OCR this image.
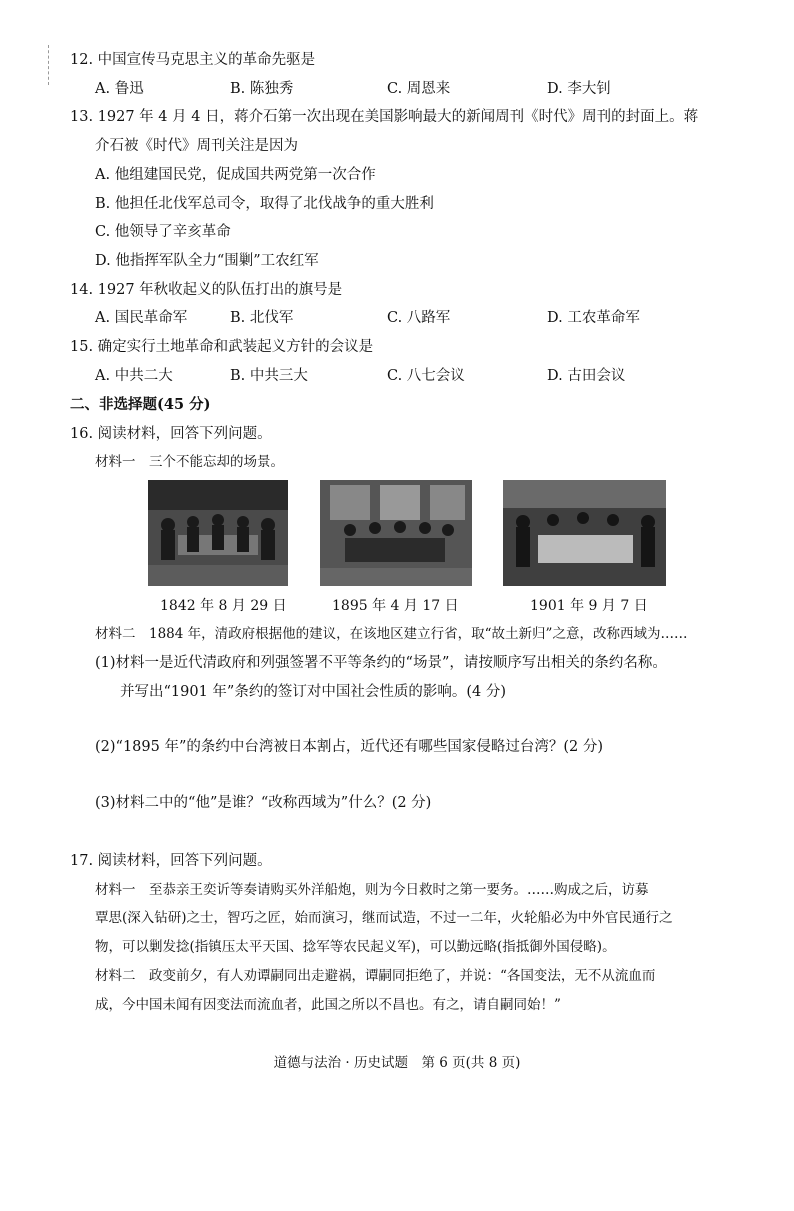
12. 中国宣传马克思主义的革命先驱是
A. 鲁迅	B. 陈独秀	C. 周恩来	D. 李大钊
13. 1927 年 4 月 4 日，蒋介石第一次出现在美国影响最大的新闻周刊《时代》周刊的封面上。蒋
介石被《时代》周刊关注是因为
A. 他组建国民党，促成国共两党第一次合作
B. 他担任北伐军总司令，取得了北伐战争的重大胜利
C. 他领导了辛亥革命
D. 他指挥军队全力“围剿”工农红军
14. 1927 年秋收起义的队伍打出的旗号是
A. 国民革命军	B. 北伐军	C. 八路军	D. 工农革命军
15. 确定实行土地革命和武装起义方针的会议是
A. 中共二大	B. 中共三大	C. 八七会议	D. 古田会议
二、非选择题(45 分)
16. 阅读材料，回答下列问题。
材料一　三个不能忘却的场景。
1842 年 8 月 29 日	1895 年 4 月 17 日	1901 年 9 月 7 日
材料二　1884 年，清政府根据他的建议，在该地区建立行省，取“故土新归”之意，改称西域为……
(1)材料一是近代清政府和列强签署不平等条约的“场景”，请按顺序写出相关的条约名称。
并写出“1901 年”条约的签订对中国社会性质的影响。(4 分)
(2)“1895 年”的条约中台湾被日本割占，近代还有哪些国家侵略过台湾？(2 分)
(3)材料二中的“他”是谁？“改称西域为”什么？(2 分)
17. 阅读材料，回答下列问题。
材料一　至恭亲王奕䜣等奏请购买外洋船炮，则为今日救时之第一要务。……购成之后，访募
覃思(深入钻研)之士，智巧之匠，始而演习，继而试造，不过一二年，火轮船必为中外官民通行之
物，可以剿发捻(指镇压太平天国、捻军等农民起义军)，可以勤远略(指抵御外国侵略)。
材料二　政变前夕，有人劝谭嗣同出走避祸，谭嗣同拒绝了，并说：“各国变法，无不从流血而
成，今中国未闻有因变法而流血者，此国之所以不昌也。有之，请自嗣同始！”
道德与法治 · 历史试题　第 6 页(共 8 页)
